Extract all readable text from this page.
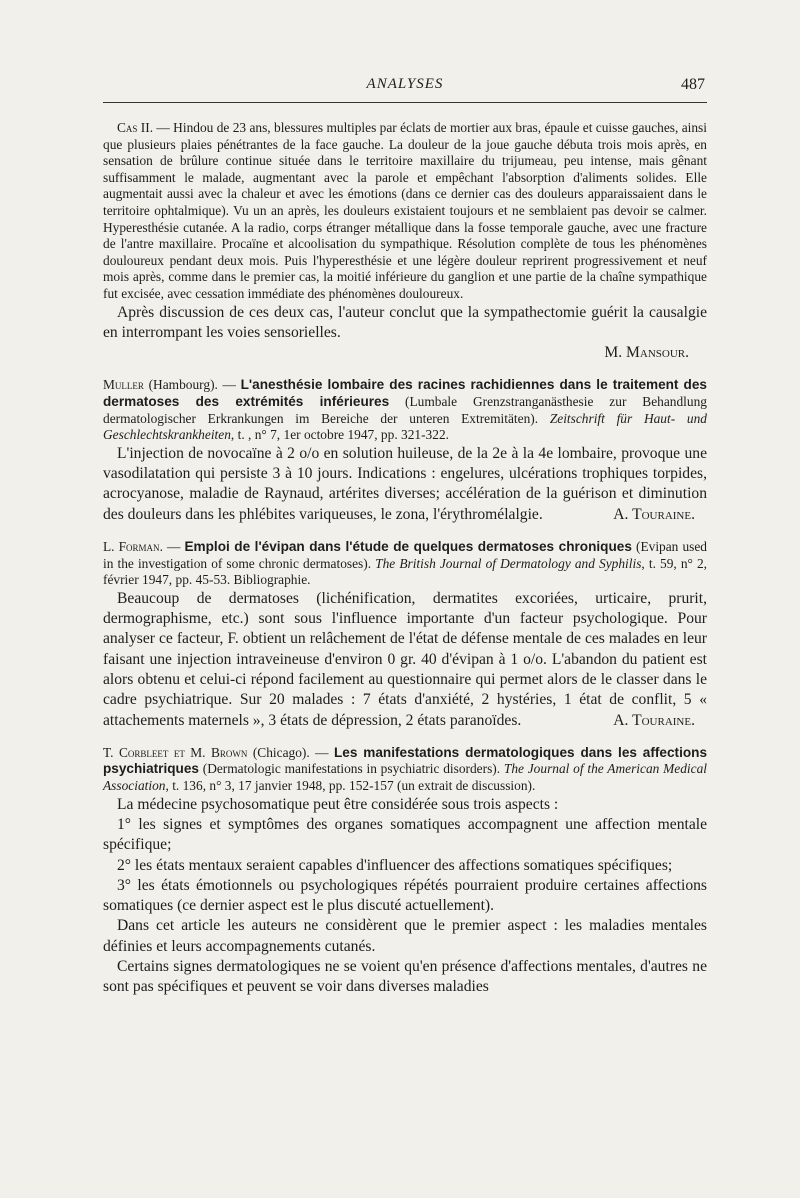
ANALYSES	487

Cas II. — Hindou de 23 ans, blessures multiples par éclats de mortier aux bras, épaule et cuisse gauches, ainsi que plusieurs plaies pénétrantes de la face gauche. La douleur de la joue gauche débuta trois mois après, en sensation de brûlure continue située dans le territoire maxillaire du trijumeau, peu intense, mais gênant suffisamment le malade, augmentant avec la parole et empêchant l'absorption d'aliments solides. Elle augmentait aussi avec la chaleur et avec les émotions (dans ce dernier cas des douleurs apparaissaient dans le territoire ophtalmique). Vu un an après, les douleurs existaient toujours et ne semblaient pas devoir se calmer. Hyperesthésie cutanée. A la radio, corps étranger métallique dans la fosse temporale gauche, avec une fracture de l'antre maxillaire. Procaïne et alcoolisation du sympathique. Résolution complète de tous les phénomènes douloureux pendant deux mois. Puis l'hyperesthésie et une légère douleur reprirent progressivement et neuf mois après, comme dans le premier cas, la moitié inférieure du ganglion et une partie de la chaîne sympathique fut excisée, avec cessation immédiate des phénomènes douloureux.

Après discussion de ces deux cas, l'auteur conclut que la sympathectomie guérit la causalgie en interrompant les voies sensorielles.

M. Mansour.

Muller (Hambourg). — L'anesthésie lombaire des racines rachidiennes dans le traitement des dermatoses des extrémités inférieures (Lumbale Grenzstranganästhesie zur Behandlung dermatologischer Erkrankungen im Bereiche der unteren Extremitäten). Zeitschrift für Haut- und Geschlechtskrankheiten, t. , n° 7, 1er octobre 1947, pp. 321-322.

L'injection de novocaïne à 2 o/o en solution huileuse, de la 2e à la 4e lombaire, provoque une vasodilatation qui persiste 3 à 10 jours. Indications : engelures, ulcérations trophiques torpides, acrocyanose, maladie de Raynaud, artérites diverses; accélération de la guérison et diminution des douleurs dans les phlébites variqueuses, le zona, l'érythromélalgie.	A. Touraine.

L. Forman. — Emploi de l'évipan dans l'étude de quelques dermatoses chroniques (Evipan used in the investigation of some chronic dermatoses). The British Journal of Dermatology and Syphilis, t. 59, n° 2, février 1947, pp. 45-53. Bibliographie.

Beaucoup de dermatoses (lichénification, dermatites excoriées, urticaire, prurit, dermographisme, etc.) sont sous l'influence importante d'un facteur psychologique. Pour analyser ce facteur, F. obtient un relâchement de l'état de défense mentale de ces malades en leur faisant une injection intraveineuse d'environ 0 gr. 40 d'évipan à 1 o/o. L'abandon du patient est alors obtenu et celui-ci répond facilement au questionnaire qui permet alors de le classer dans le cadre psychiatrique. Sur 20 malades : 7 états d'anxiété, 2 hystéries, 1 état de conflit, 5 « attachements maternels », 3 états de dépression, 2 états paranoïdes.	A. Touraine.

T. Corbleet et M. Brown (Chicago). — Les manifestations dermatologiques dans les affections psychiatriques (Dermatologic manifestations in psychiatric disorders). The Journal of the American Medical Association, t. 136, n° 3, 17 janvier 1948, pp. 152-157 (un extrait de discussion).

La médecine psychosomatique peut être considérée sous trois aspects :

1° les signes et symptômes des organes somatiques accompagnent une affection mentale spécifique;

2° les états mentaux seraient capables d'influencer des affections somatiques spécifiques;

3° les états émotionnels ou psychologiques répétés pourraient produire certaines affections somatiques (ce dernier aspect est le plus discuté actuellement).

Dans cet article les auteurs ne considèrent que le premier aspect : les maladies mentales définies et leurs accompagnements cutanés.

Certains signes dermatologiques ne se voient qu'en présence d'affections mentales, d'autres ne sont pas spécifiques et peuvent se voir dans diverses maladies
